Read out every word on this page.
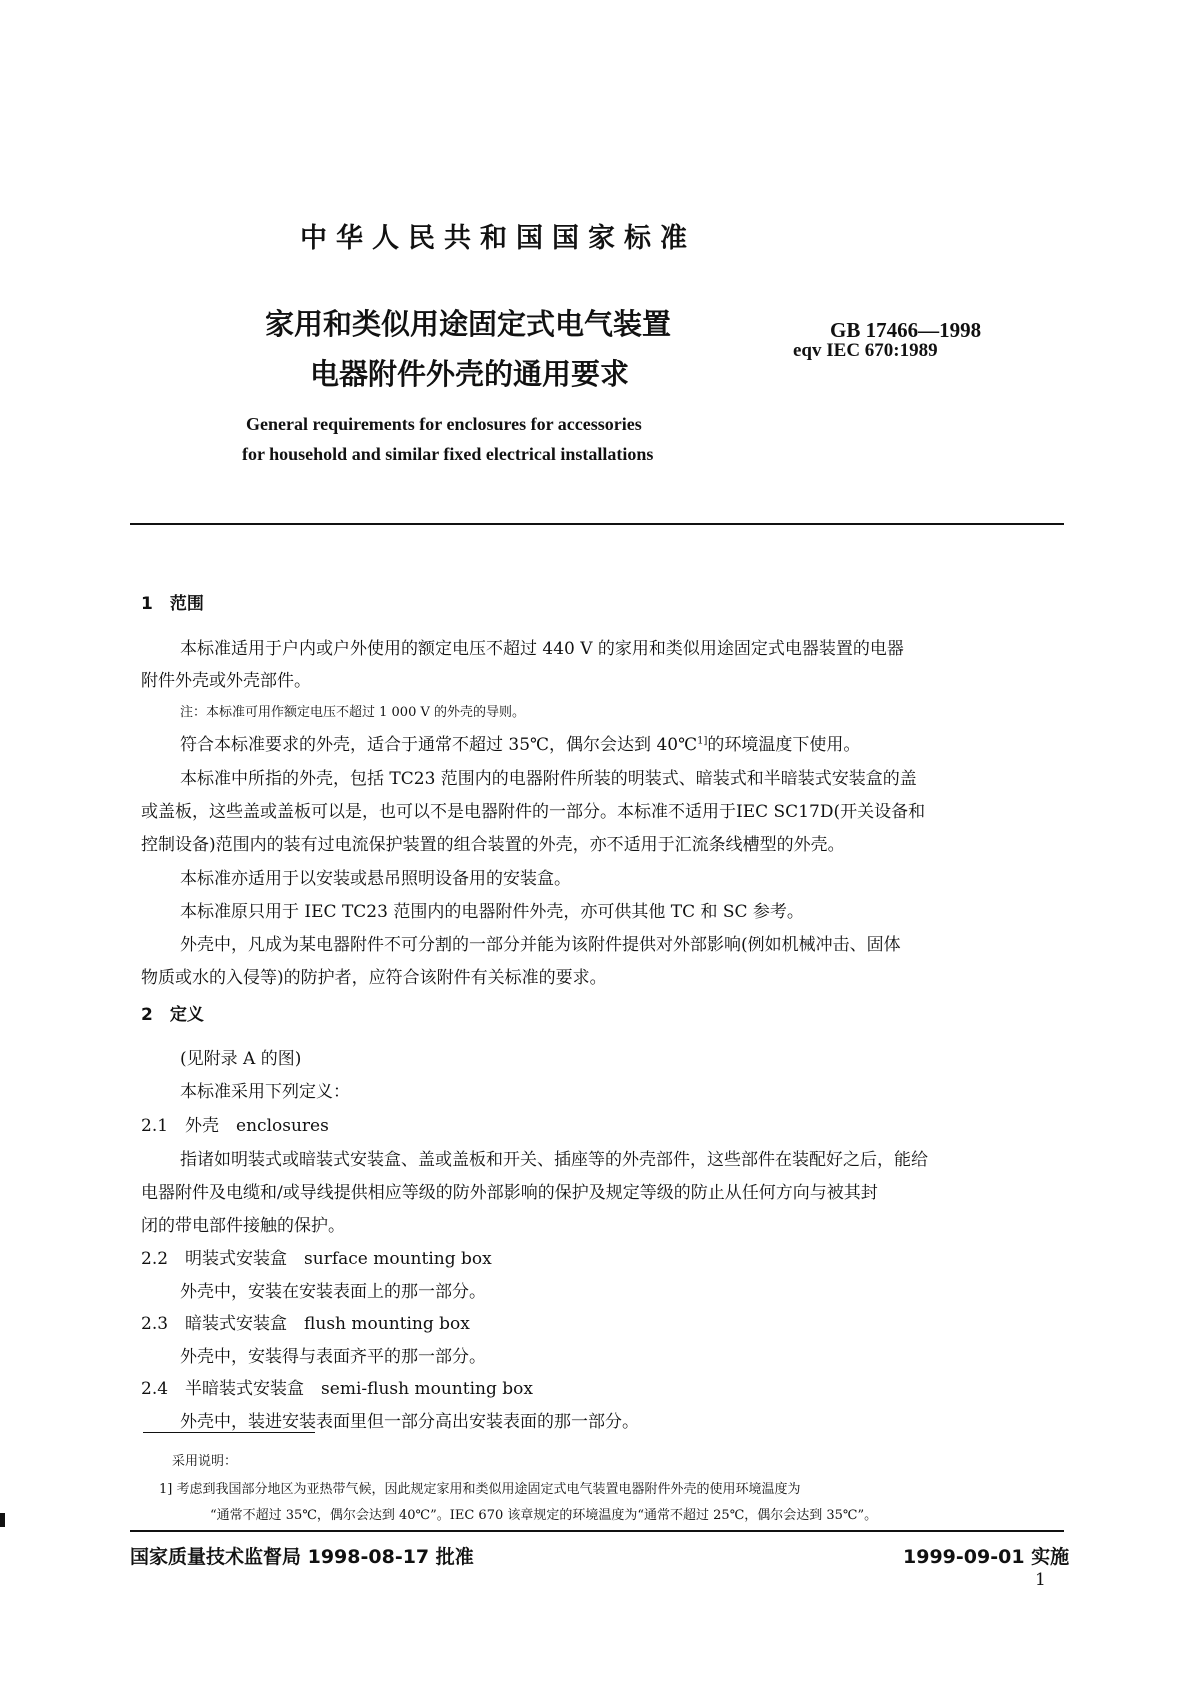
中华人民共和国国家标准
家用和类似用途固定式电气装置
电器附件外壳的通用要求
GB 17466—1998
eqv IEC 670:1989
General requirements for enclosures for accessories
for household and similar fixed electrical installations
1　范围
本标准适用于户内或户外使用的额定电压不超过 440 V 的家用和类似用途固定式电器装置的电器
附件外壳或外壳部件。
注：本标准可用作额定电压不超过 1 000 V 的外壳的导则。
符合本标准要求的外壳，适合于通常不超过 35℃，偶尔会达到 40℃$^{1]}$的环境温度下使用。
本标准中所指的外壳，包括 TC23 范围内的电器附件所装的明装式、暗装式和半暗装式安装盒的盖
或盖板，这些盖或盖板可以是，也可以不是电器附件的一部分。本标准不适用于IEC SC17D(开关设备和
控制设备)范围内的装有过电流保护装置的组合装置的外壳，亦不适用于汇流条线槽型的外壳。
本标准亦适用于以安装或悬吊照明设备用的安装盒。
本标准原只用于 IEC TC23 范围内的电器附件外壳，亦可供其他 TC 和 SC 参考。
外壳中，凡成为某电器附件不可分割的一部分并能为该附件提供对外部影响(例如机械冲击、固体
物质或水的入侵等)的防护者，应符合该附件有关标准的要求。
2　定义
(见附录 A 的图)
本标准采用下列定义：
2.1　外壳　enclosures
指诸如明装式或暗装式安装盒、盖或盖板和开关、插座等的外壳部件，这些部件在装配好之后，能给
电器附件及电缆和/或导线提供相应等级的防外部影响的保护及规定等级的防止从任何方向与被其封
闭的带电部件接触的保护。
2.2　明装式安装盒　surface mounting box
外壳中，安装在安装表面上的那一部分。
2.3　暗装式安装盒　flush mounting box
外壳中，安装得与表面齐平的那一部分。
2.4　半暗装式安装盒　semi-flush mounting box
外壳中，装进安装表面里但一部分高出安装表面的那一部分。
采用说明：
1] 考虑到我国部分地区为亚热带气候，因此规定家用和类似用途固定式电气装置电器附件外壳的使用环境温度为
“通常不超过 35℃，偶尔会达到 40℃”。IEC 670 该章规定的环境温度为“通常不超过 25℃，偶尔会达到 35℃”。
国家质量技术监督局 1998-08-17 批准	1999-09-01 实施
1
